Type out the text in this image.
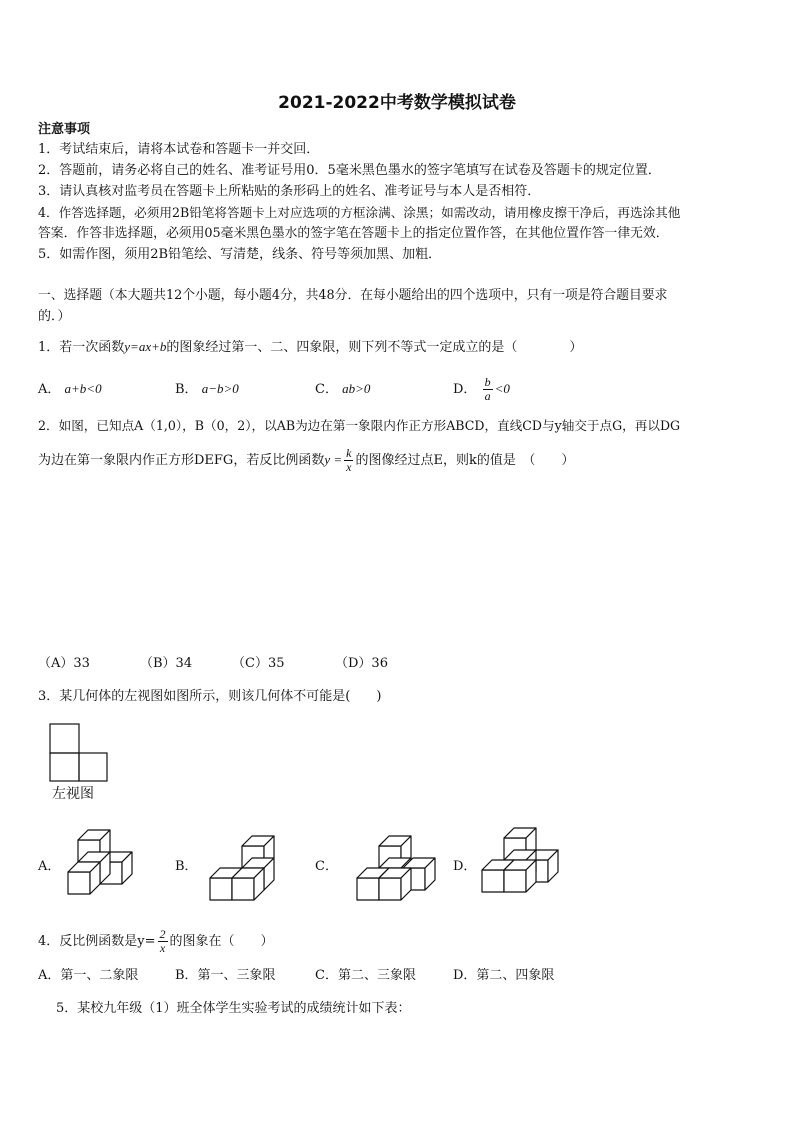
2021-2022中考数学模拟试卷
注意事项
1．考试结束后，请将本试卷和答题卡一并交回．
2．答题前，请务必将自己的姓名、准考证号用0．5毫米黑色墨水的签字笔填写在试卷及答题卡的规定位置．
3．请认真核对监考员在答题卡上所粘贴的条形码上的姓名、准考证号与本人是否相符．
4．作答选择题，必须用2B铅笔将答题卡上对应选项的方框涂满、涂黑；如需改动，请用橡皮擦干净后，再选涂其他
答案．作答非选择题，必须用05毫米黑色墨水的签字笔在答题卡上的指定位置作答，在其他位置作答一律无效．
5．如需作图，须用2B铅笔绘、写清楚，线条、符号等须加黑、加粗．
一、选择题（本大题共12个小题，每小题4分，共48分．在每小题给出的四个选项中，只有一项是符合题目要求
的．）
1．若一次函数y=ax+b的图象经过第一、二、四象限，则下列不等式一定成立的是（　　　　）
A． a+b<0	B． a−b>0	C． ab>0	D． $\frac{b}{a} <0$
2．如图，已知点A（1,0），B（0，2），以AB为边在第一象限内作正方形ABCD，直线CD与y轴交于点G，再以DG
为边在第一象限内作正方形DEFG，若反比例函数$y = \frac{k}{x}$ 的图像经过点E，则k的值是　（　　）
（A）33	（B）34	（C）35	（D）36
3．某几何体的左视图如图所示，则该几何体不可能是(　　)
左视图
A．	B．	C．	D．
4．反比例函数是$y= \frac{2}{x}$ 的图象在（　　）
A．第一、二象限	B．第一、三象限	C．第二、三象限	D．第二、四象限
5．某校九年级（1）班全体学生实验考试的成绩统计如下表：
